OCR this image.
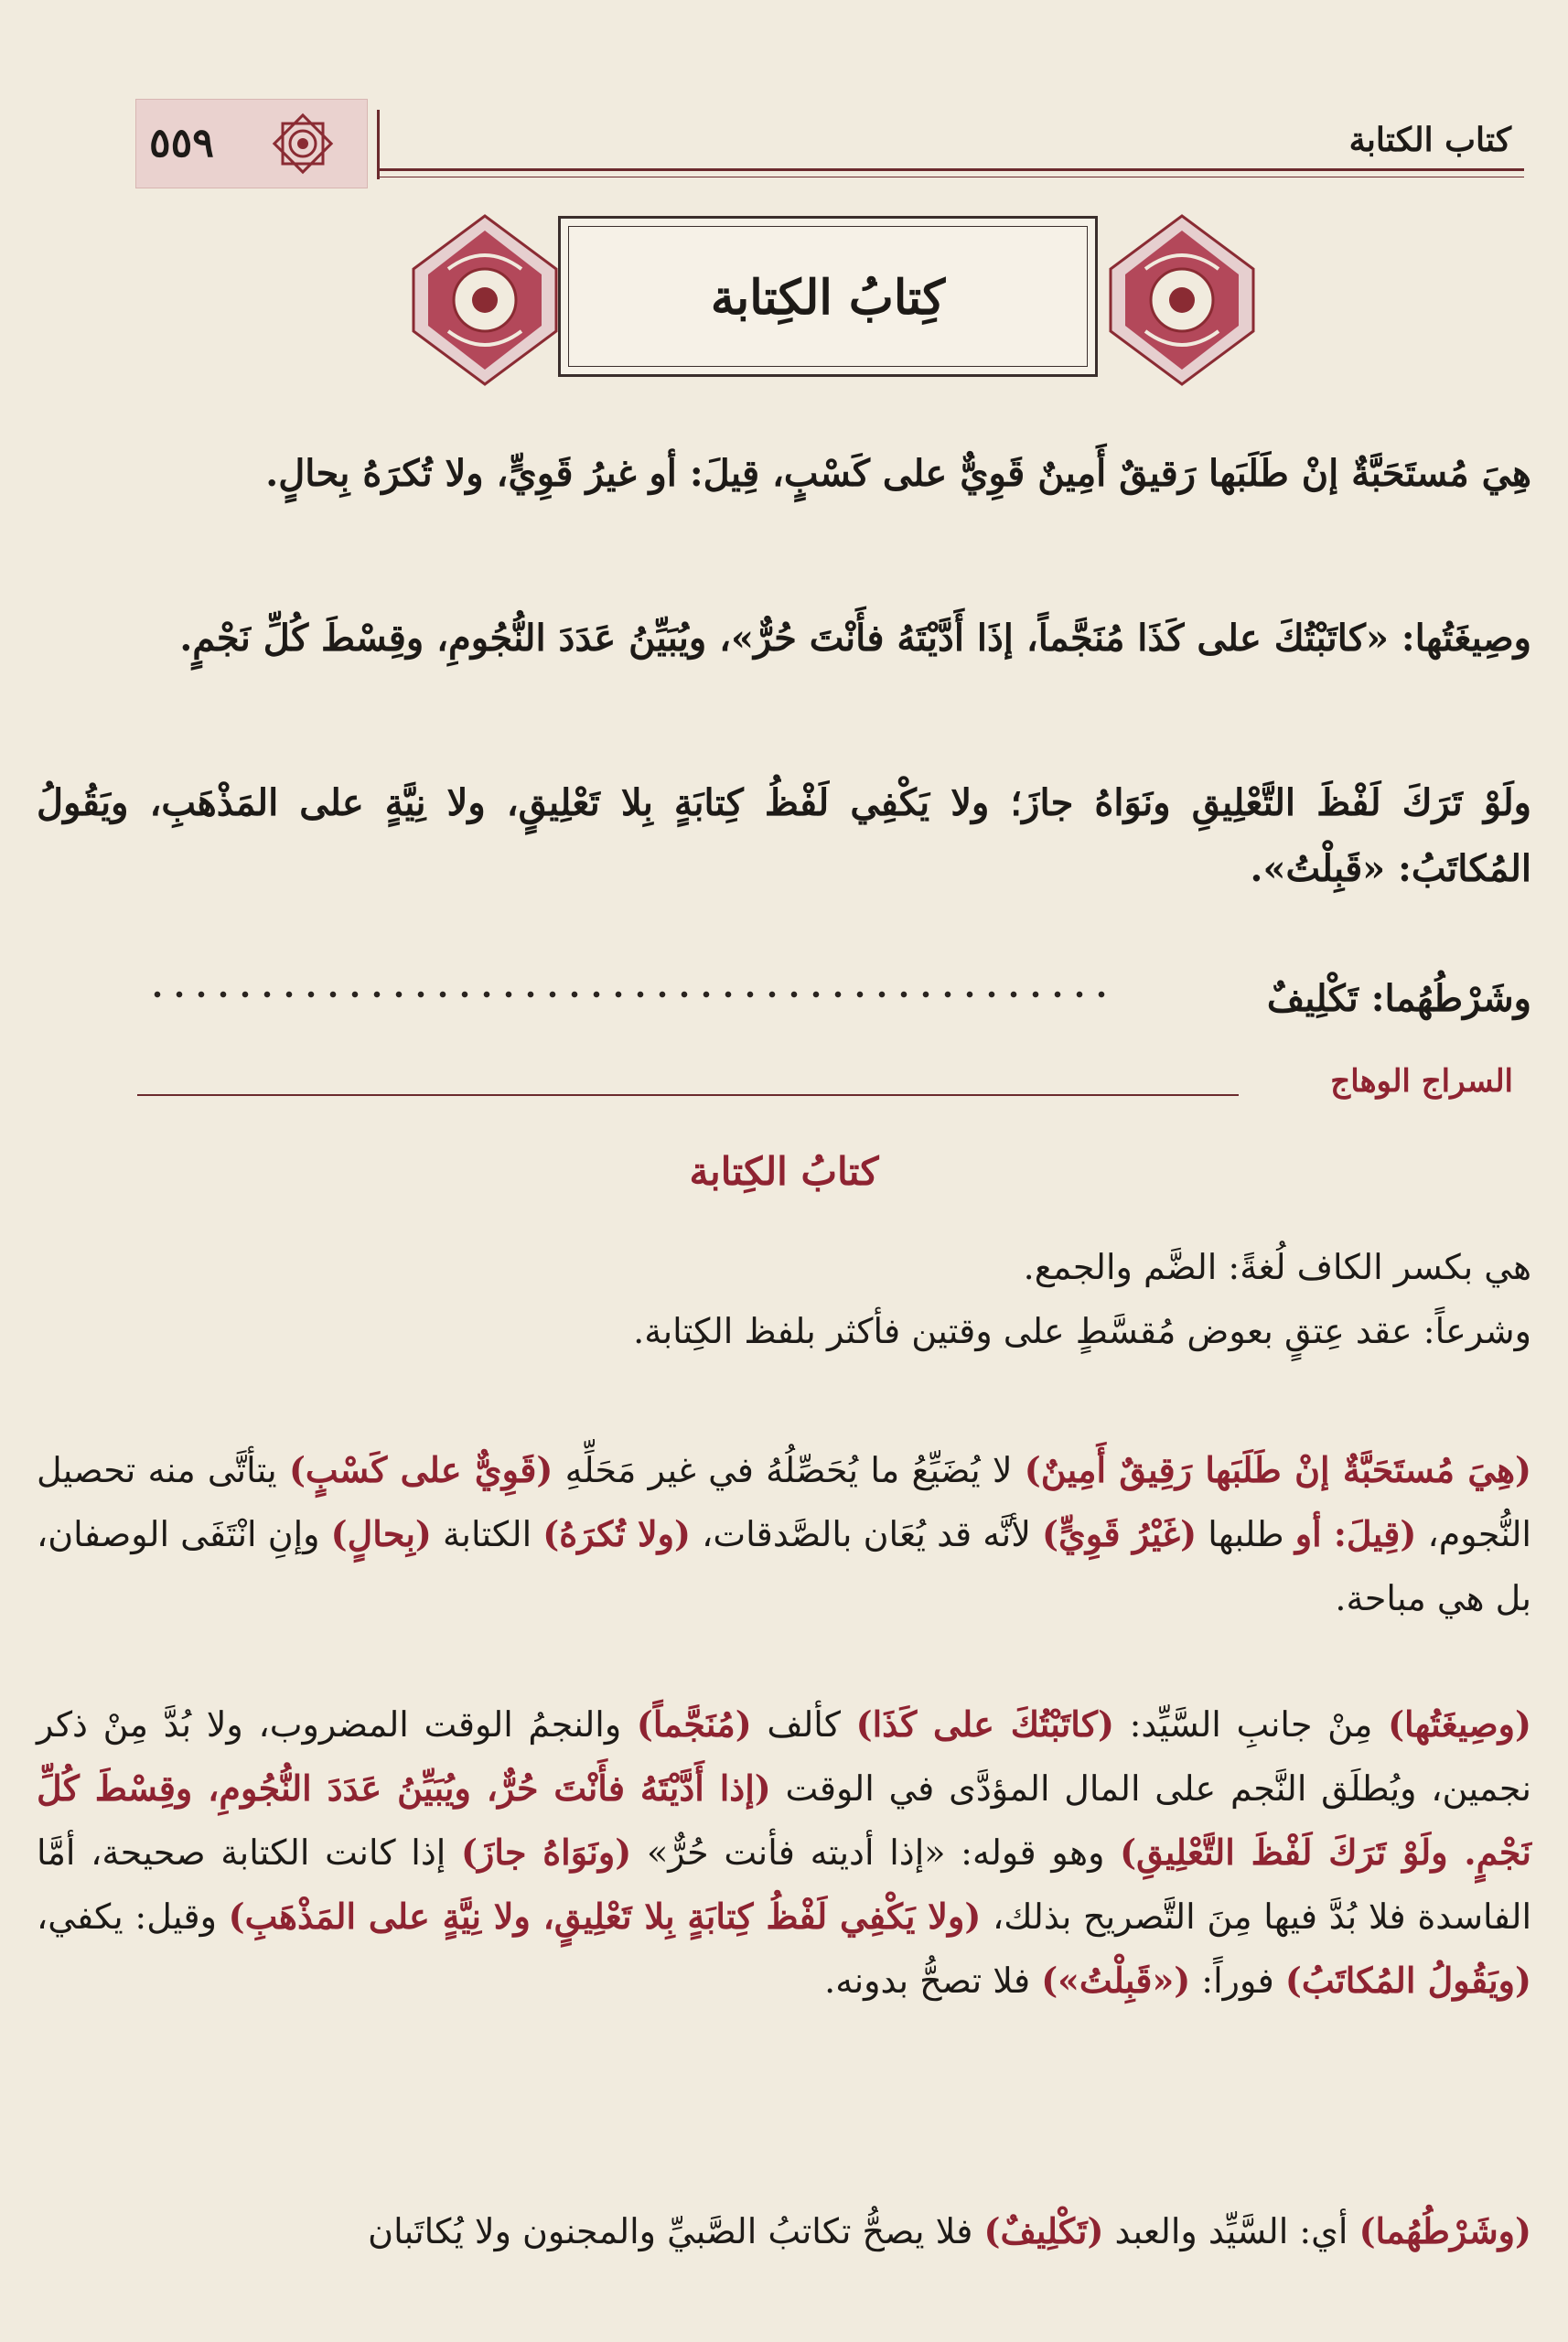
كتاب الكتابة
٥٥٩
كِتابُ الكِتابة
هِيَ مُستَحَبَّةٌ إنْ طَلَبَها رَقيقٌ أَمِينٌ قَوِيٌّ على كَسْبٍ، قِيلَ: أو غيرُ قَوِيٍّ، ولا تُكرَهُ بِحالٍ.
وصِيغَتُها: «كاتَبْتُكَ على كَذَا مُنَجَّماً، إذَا أَدَّيْتَهُ فأَنْتَ حُرٌّ»، ويُبَيِّنُ عَدَدَ النُّجُومِ، وقِسْطَ كُلِّ نَجْمٍ.
ولَوْ تَرَكَ لَفْظَ التَّعْلِيقِ ونَوَاهُ جازَ؛ ولا يَكْفِي لَفْظُ كِتابَةٍ بِلا تَعْلِيقٍ، ولا نِيَّةٍ على المَذْهَبِ، ويَقُولُ المُكاتَبُ: «قَبِلْتُ».
وشَرْطُهُما: تَكْلِيفٌ
السراج الوهاج
كتابُ الكِتابة
هي بكسر الكاف لُغةً: الضَّم والجمع.
وشرعاً: عقد عِتقٍ بعوض مُقسَّطٍ على وقتين فأكثر بلفظ الكِتابة.
(هِيَ مُستَحَبَّةٌ إنْ طَلَبَها رَقِيقٌ أَمِينٌ) لا يُضَيِّعُ ما يُحَصِّلُهُ في غير مَحَلِّهِ (قَوِيٌّ على كَسْبٍ) يتأتَّى منه تحصيل النُّجوم، (قِيلَ: أو طلبها (غَيْرُ قَوِيٍّ) لأنَّه قد يُعَان بالصَّدقات، (ولا تُكرَهُ) الكتابة (بِحالٍ) وإنِ انْتَفَى الوصفان، بل هي مباحة.
(وصِيغَتُها) مِنْ جانبِ السَّيِّد: (كاتَبْتُكَ على كَذَا) كألف (مُنَجَّماً) والنجمُ الوقت المضروب، ولا بُدَّ مِنْ ذكر نجمين، ويُطلَق النَّجم على المال المؤدَّى في الوقت (إذا أَدَّيْتَهُ فأَنْتَ حُرٌّ، ويُبَيِّنُ عَدَدَ النُّجُومِ، وقِسْطَ كُلِّ نَجْمٍ. ولَوْ تَرَكَ لَفْظَ التَّعْلِيقِ) وهو قوله: «إذا أديته فأنت حُرٌّ» (ونَوَاهُ جازَ) إذا كانت الكتابة صحيحة، أمَّا الفاسدة فلا بُدَّ فيها مِنَ التَّصريح بذلك، (ولا يَكْفِي لَفْظُ كِتابَةٍ بِلا تَعْلِيقٍ، ولا نِيَّةٍ على المَذْهَبِ) وقيل: يكفي، (ويَقُولُ المُكاتَبُ) فوراً: («قَبِلْتُ») فلا تصحُّ بدونه.
(وشَرْطُهُما) أي: السَّيِّد والعبد (تَكْلِيفٌ) فلا يصحُّ تكاتبُ الصَّبيِّ والمجنون ولا يُكاتَبان
